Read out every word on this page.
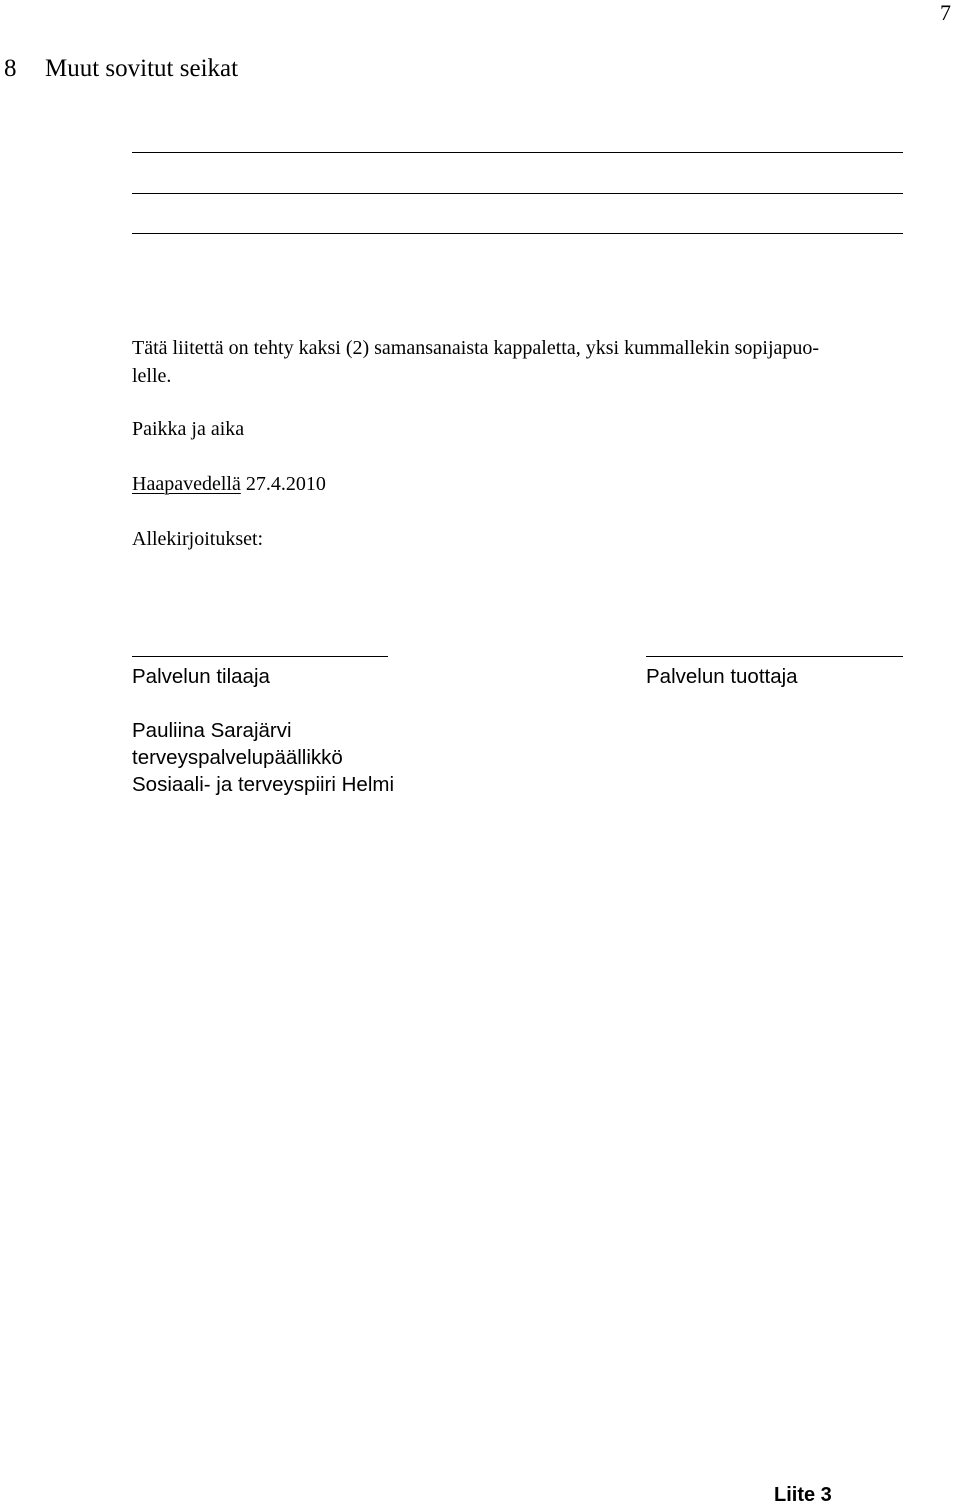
7
8 Muut sovitut seikat
Tätä liitettä on tehty kaksi (2) samansanaista kappaletta, yksi kummallekin sopijapuo-
lelle.
Paikka ja aika
Haapavedellä 27.4.2010
Allekirjoitukset:
Palvelun tilaaja	Palvelun tuottaja
Pauliina Sarajärvi
terveyspalvelupäällikkö
Sosiaali- ja terveyspiiri Helmi
Liite 3
